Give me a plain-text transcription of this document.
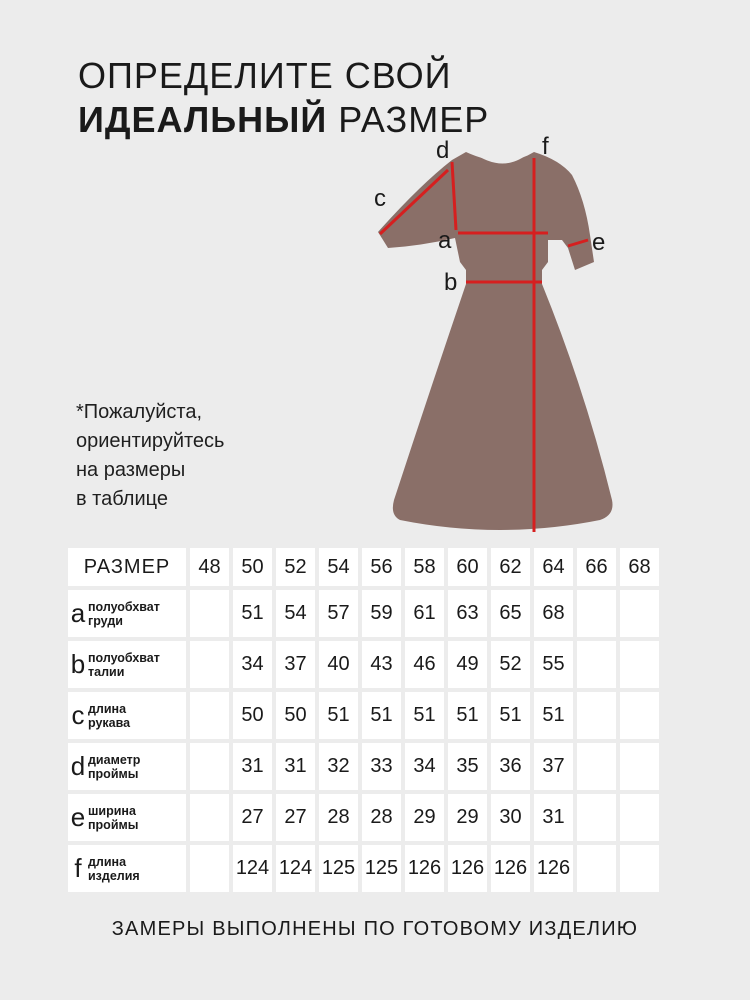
ОПРЕДЕЛИТЕ СВОЙ
ИДЕАЛЬНЫЙ РАЗМЕР
*Пожалуйста,
ориентируйтесь
на размеры
в таблице
d	f
c
a	e
b
РАЗМЕР	48	50	52	54	56	58	60	62	64	66	68
a полуобхват
груди		51	54	57	59	61	63	65	68		
b полуобхват
талии		34	37	40	43	46	49	52	55		
c длина
рукава		50	50	51	51	51	51	51	51		
d диаметр
проймы		31	31	32	33	34	35	36	37		
e ширина
проймы		27	27	28	28	29	29	30	31		
f длина
изделия		124	124	125	125	126	126	126	126		
ЗАМЕРЫ ВЫПОЛНЕНЫ ПО ГОТОВОМУ ИЗДЕЛИЮ
